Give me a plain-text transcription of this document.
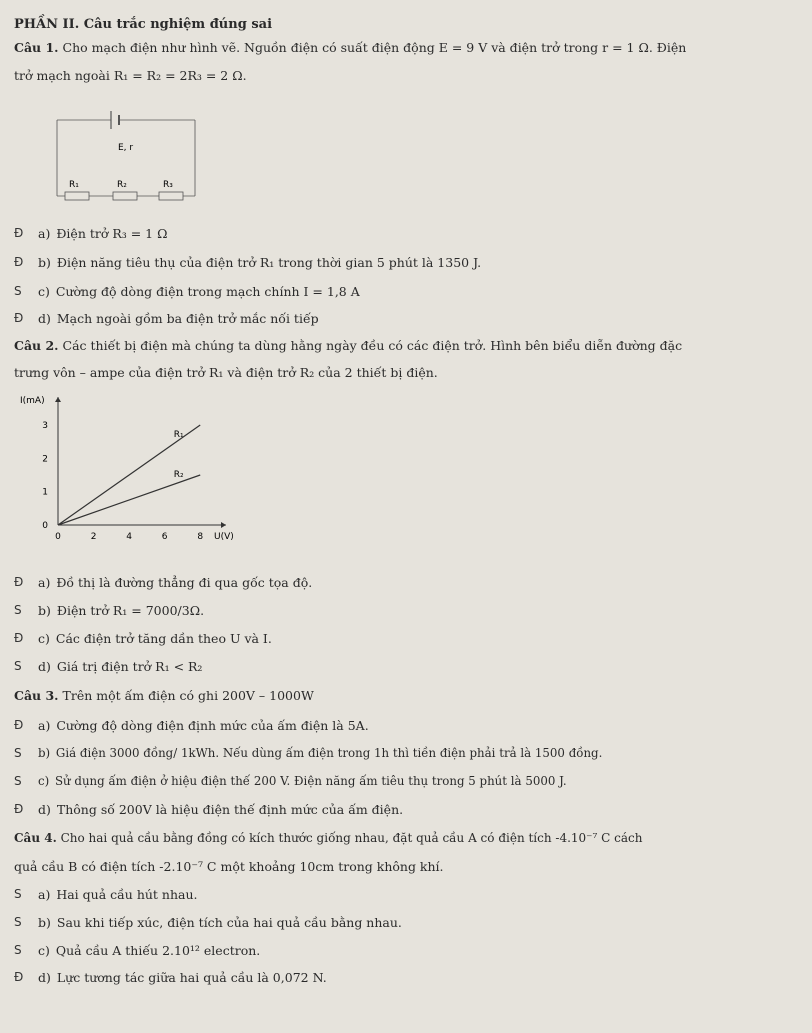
PHẦN II. Câu trắc nghiệm đúng sai
Câu 1. Cho mạch điện như hình vẽ. Nguồn điện có suất điện động E = 9 V và điện trở trong r = 1 Ω. Điện
trở mạch ngoài R₁ = R₂ = 2R₃ = 2 Ω.
E, r
R₁	R₂	R₃
Đ a) Điện trở R₃ = 1 Ω
Đ b) Điện năng tiêu thụ của điện trở R₁ trong thời gian 5 phút là 1350 J.
S c) Cường độ dòng điện trong mạch chính I = 1,8 A
Đ d) Mạch ngoài gồm ba điện trở mắc nối tiếp
Câu 2. Các thiết bị điện mà chúng ta dùng hằng ngày đều có các điện trở. Hình bên biểu diễn đường đặc
trưng vôn – ampe của điện trở R₁ và điện trở R₂ của 2 thiết bị điện.
0	2	4	6	8
0
1
2
3
U(V)
I(mA)
R₁
R₂
Đ a) Đồ thị là đường thẳng đi qua gốc tọa độ.
S b) Điện trở R₁ = 7000/3Ω.
Đ c) Các điện trở tăng dần theo U và I.
S d) Giá trị điện trở R₁ < R₂
Câu 3. Trên một ấm điện có ghi 200V – 1000W
Đ a) Cường độ dòng điện định mức của ấm điện là 5A.
S b) Giá điện 3000 đồng/ 1kWh. Nếu dùng ấm điện trong 1h thì tiền điện phải trả là 1500 đồng.
S c) Sử dụng ấm điện ở hiệu điện thế 200 V. Điện năng ấm tiêu thụ trong 5 phút là 5000 J.
Đ d) Thông số 200V là hiệu điện thế định mức của ấm điện.
Câu 4. Cho hai quả cầu bằng đồng có kích thước giống nhau, đặt quả cầu A có điện tích -4.10⁻⁷ C cách
quả cầu B có điện tích -2.10⁻⁷ C một khoảng 10cm trong không khí.
S a) Hai quả cầu hút nhau.
S b) Sau khi tiếp xúc, điện tích của hai quả cầu bằng nhau.
S c) Quả cầu A thiếu 2.10¹² electron.
Đ d) Lực tương tác giữa hai quả cầu là 0,072 N.
